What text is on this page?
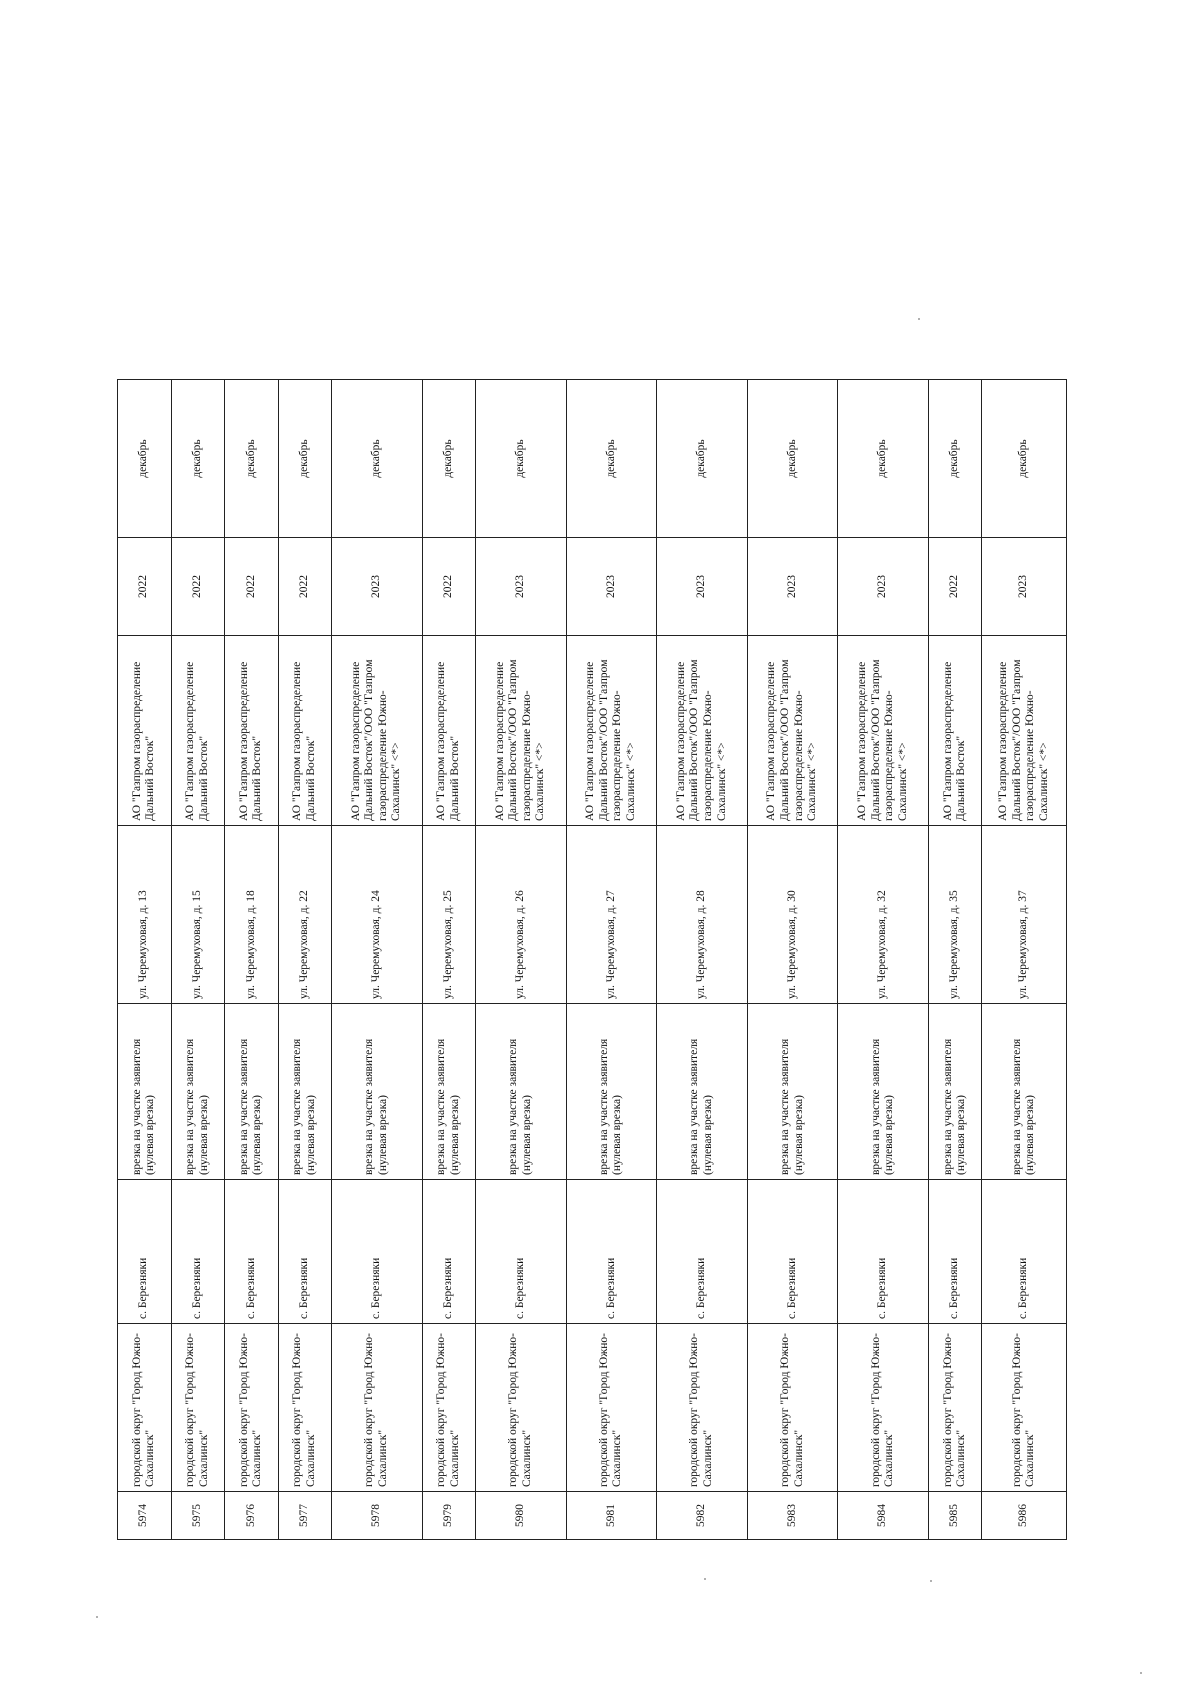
5974	городской округ "Город Южно-Сахалинск"	с. Березняки	врезка на участке заявителя (нулевая врезка)	ул. Черемуховая, д. 13	АО "Газпром газораспределение Дальний Восток"	2022	декабрь
5975	городской округ "Город Южно-Сахалинск"	с. Березняки	врезка на участке заявителя (нулевая врезка)	ул. Черемуховая, д. 15	АО "Газпром газораспределение Дальний Восток"	2022	декабрь
5976	городской округ "Город Южно-Сахалинск"	с. Березняки	врезка на участке заявителя (нулевая врезка)	ул. Черемуховая, д. 18	АО "Газпром газораспределение Дальний Восток"	2022	декабрь
5977	городской округ "Город Южно-Сахалинск"	с. Березняки	врезка на участке заявителя (нулевая врезка)	ул. Черемуховая, д. 22	АО "Газпром газораспределение Дальний Восток"	2022	декабрь
5978	городской округ "Город Южно-Сахалинск"	с. Березняки	врезка на участке заявителя (нулевая врезка)	ул. Черемуховая, д. 24	АО "Газпром газораспределение Дальний Восток"/ООО "Газпром газораспределение Южно-Сахалинск" <*>	2023	декабрь
5979	городской округ "Город Южно-Сахалинск"	с. Березняки	врезка на участке заявителя (нулевая врезка)	ул. Черемуховая, д. 25	АО "Газпром газораспределение Дальний Восток"	2022	декабрь
5980	городской округ "Город Южно-Сахалинск"	с. Березняки	врезка на участке заявителя (нулевая врезка)	ул. Черемуховая, д. 26	АО "Газпром газораспределение Дальний Восток"/ООО "Газпром газораспределение Южно-Сахалинск" <*>	2023	декабрь
5981	городской округ "Город Южно-Сахалинск"	с. Березняки	врезка на участке заявителя (нулевая врезка)	ул. Черемуховая, д. 27	АО "Газпром газораспределение Дальний Восток"/ООО "Газпром газораспределение Южно-Сахалинск" <*>	2023	декабрь
5982	городской округ "Город Южно-Сахалинск"	с. Березняки	врезка на участке заявителя (нулевая врезка)	ул. Черемуховая, д. 28	АО "Газпром газораспределение Дальний Восток"/ООО "Газпром газораспределение Южно-Сахалинск" <*>	2023	декабрь
5983	городской округ "Город Южно-Сахалинск"	с. Березняки	врезка на участке заявителя (нулевая врезка)	ул. Черемуховая, д. 30	АО "Газпром газораспределение Дальний Восток"/ООО "Газпром газораспределение Южно-Сахалинск" <*>	2023	декабрь
5984	городской округ "Город Южно-Сахалинск"	с. Березняки	врезка на участке заявителя (нулевая врезка)	ул. Черемуховая, д. 32	АО "Газпром газораспределение Дальний Восток"/ООО "Газпром газораспределение Южно-Сахалинск" <*>	2023	декабрь
5985	городской округ "Город Южно-Сахалинск"	с. Березняки	врезка на участке заявителя (нулевая врезка)	ул. Черемуховая, д. 35	АО "Газпром газораспределение Дальний Восток"	2022	декабрь
5986	городской округ "Город Южно-Сахалинск"	с. Березняки	врезка на участке заявителя (нулевая врезка)	ул. Черемуховая, д. 37	АО "Газпром газораспределение Дальний Восток"/ООО "Газпром газораспределение Южно-Сахалинск" <*>	2023	декабрь
